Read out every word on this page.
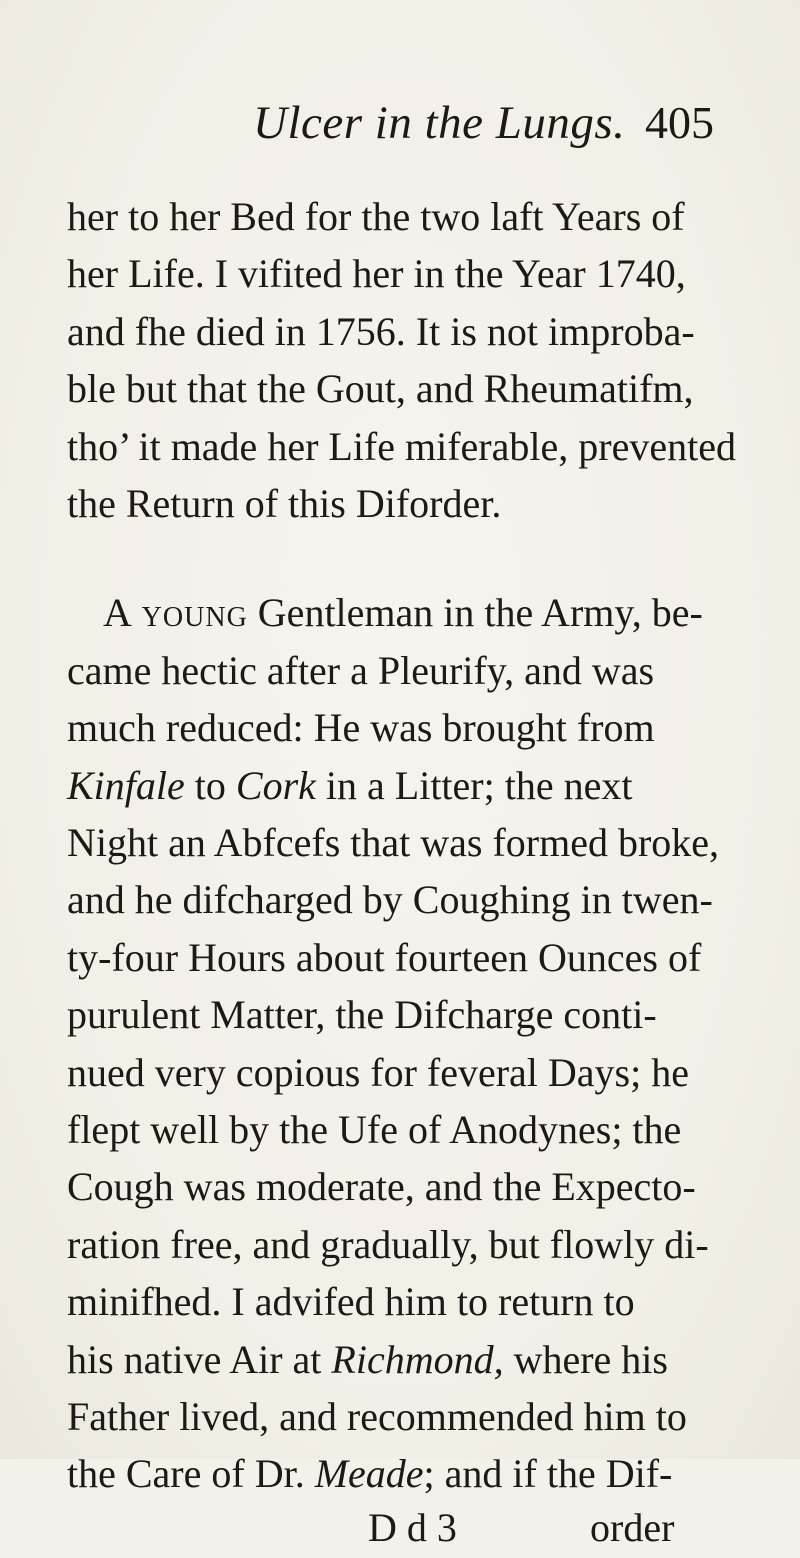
Ulcer in the Lungs. 405
her to her Bed for the two laft Years of
her Life. I vifited her in the Year 1740,
and fhe died in 1756. It is not improba-
ble but that the Gout, and Rheumatifm,
tho’ it made her Life miferable, prevented
the Return of this Diforder.
A young Gentleman in the Army, be-
came hectic after a Pleurify, and was
much reduced: He was brought from
Kinfale to Cork in a Litter; the next
Night an Abfcefs that was formed broke,
and he difcharged by Coughing in twen-
ty-four Hours about fourteen Ounces of
purulent Matter, the Difcharge conti-
nued very copious for feveral Days; he
flept well by the Ufe of Anodynes; the
Cough was moderate, and the Expecto-
ration free, and gradually, but flowly di-
minifhed. I advifed him to return to
his native Air at Richmond, where his
Father lived, and recommended him to
the Care of Dr. Meade; and if the Dif-
D d 3	order
